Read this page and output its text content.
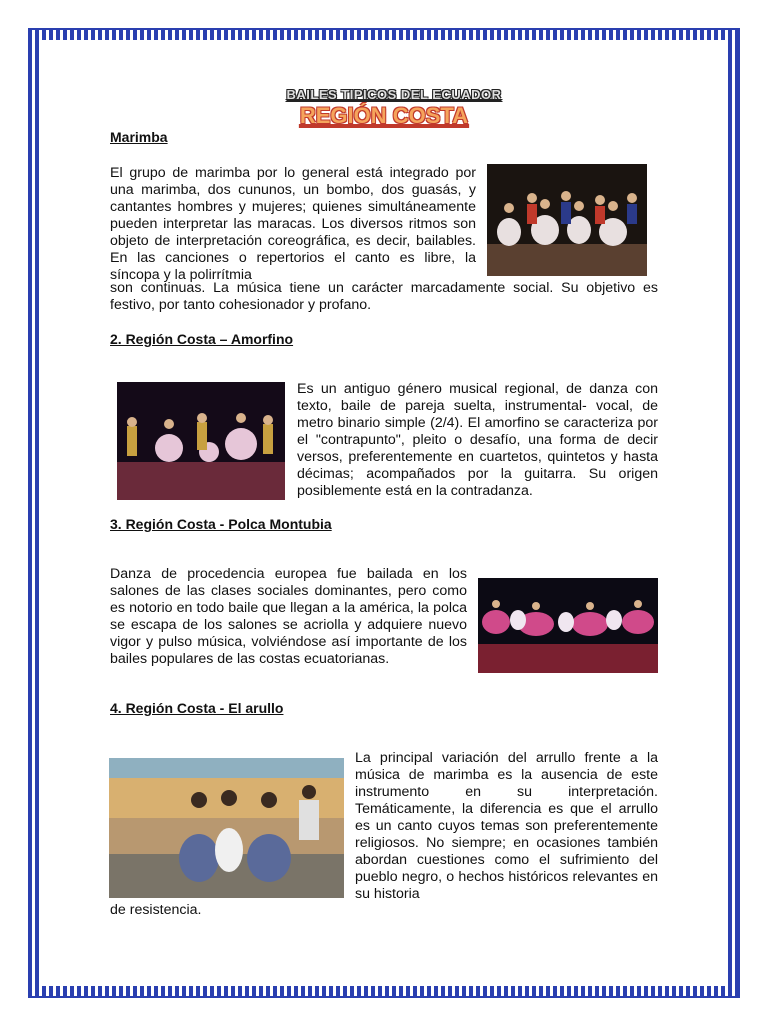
BAILES TIPICOS DEL ECUADOR
REGIÓN COSTA
Marimba

El grupo de marimba por lo general está integrado por una marimba, dos cununos, un bombo, dos guasás, y cantantes hombres y mujeres; quienes simultáneamente pueden interpretar las maracas. Los diversos ritmos son objeto de interpretación coreográfica, es decir, bailables. En las canciones o repertorios el canto es libre, la síncopa y la polirrítmia

son continuas. La música tiene un carácter marcadamente social. Su objetivo es festivo, por tanto cohesionador y profano.

2. Región Costa – Amorfino

Es un antiguo género musical regional, de danza con texto, baile de pareja suelta, instrumental- vocal, de metro binario simple (2/4). El amorfino se caracteriza por el "contrapunto", pleito o desafío, una forma de decir versos, preferentemente en cuartetos, quintetos y hasta décimas; acompañados por la guitarra. Su origen posiblemente está en la contradanza.

3. Región Costa - Polca Montubia

Danza de procedencia europea fue bailada en los salones de las clases sociales dominantes, pero como es notorio en todo baile que llegan a la américa, la polca se escapa de los salones se acriolla y adquiere nuevo vigor y pulso música, volviéndose así importante de los bailes populares de las costas ecuatorianas.

4. Región Costa - El arullo

La principal variación del arrullo frente a la música de marimba es la ausencia de este instrumento en su interpretación. Temáticamente, la diferencia es que el arrullo es un canto cuyos temas son preferentemente religiosos. No siempre; en ocasiones también abordan cuestiones como el sufrimiento del pueblo negro, o hechos históricos relevantes en su historia

de resistencia.
